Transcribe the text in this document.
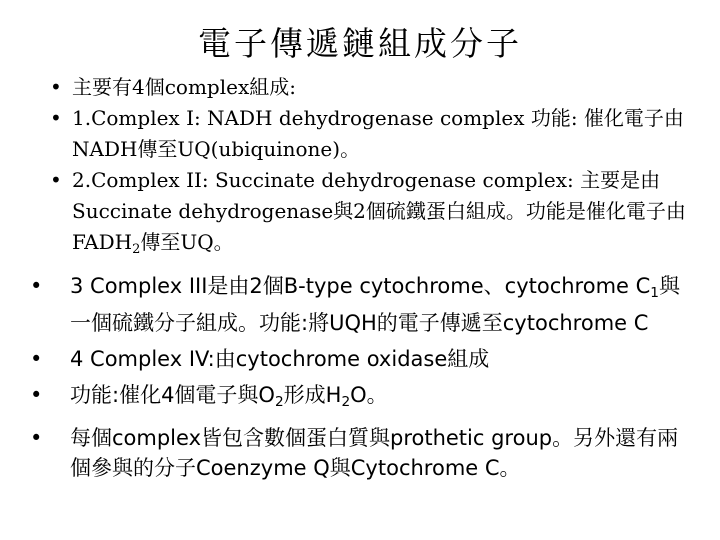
電子傳遞鏈組成分子
• 主要有4個complex組成:
• 1.Complex I: NADH dehydrogenase complex 功能: 催化電子由NADH傳至UQ(ubiquinone)。
• 2.Complex II: Succinate dehydrogenase complex: 主要是由Succinate dehydrogenase與2個硫鐵蛋白組成。功能是催化電子由$FADH_2$傳至UQ。
• 3 Complex III是由2個B-type cytochrome、cytochrome $C_1$與一個硫鐵分子組成。功能:將UQH的電子傳遞至cytochrome C
• 4 Complex IV:由cytochrome oxidase組成
• 功能:催化4個電子與$O_2$形成$H_2O$。
• 每個complex皆包含數個蛋白質與prothetic group。另外還有兩個參與的分子Coenzyme Q與Cytochrome C。
